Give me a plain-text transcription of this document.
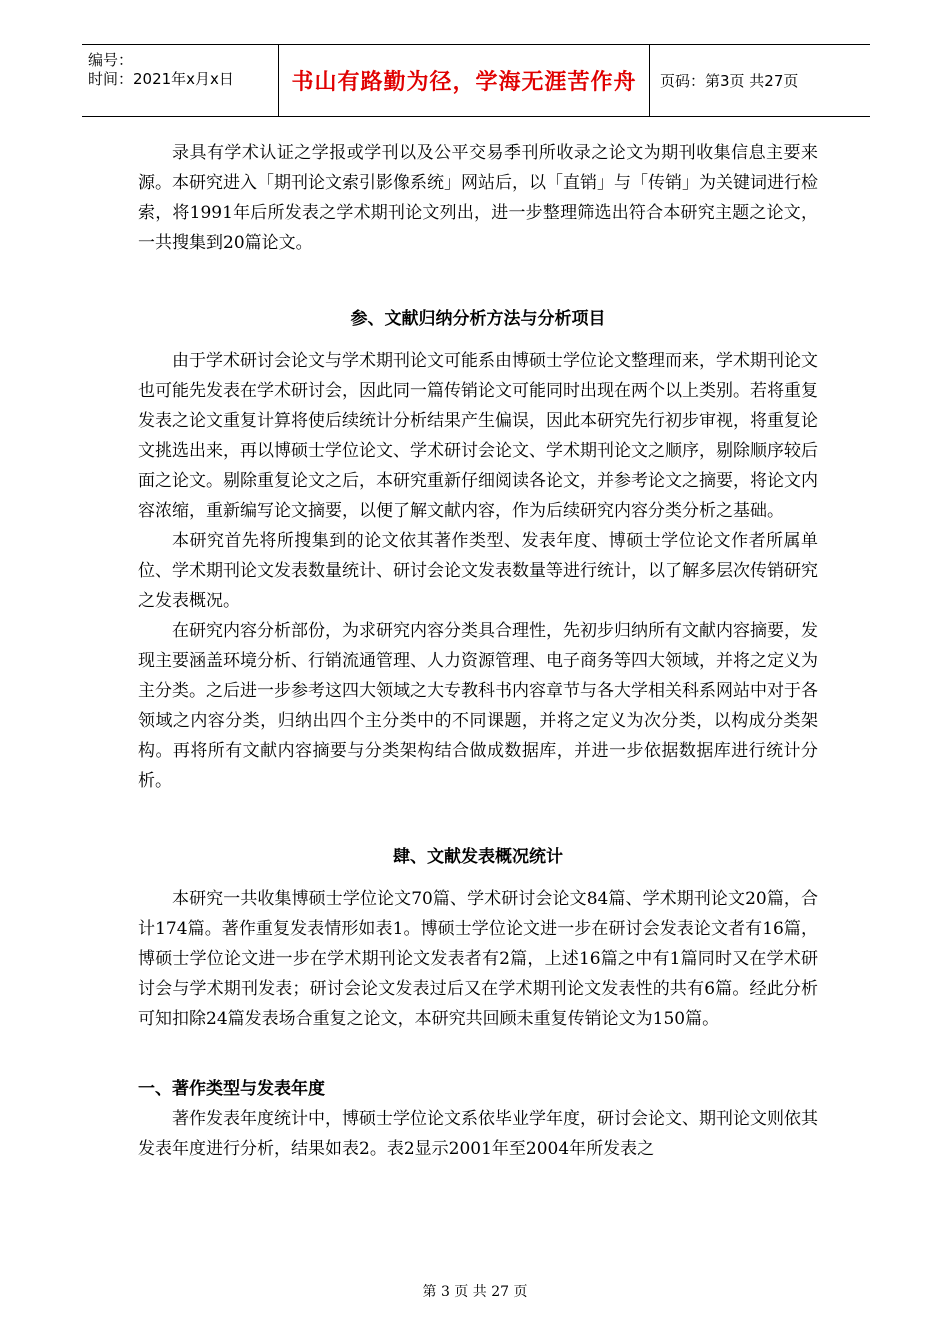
编号：
时间：2021年x月x日	书山有路勤为径，学海无涯苦作舟	页码：第3页 共27页

录具有学术认证之学报或学刊以及公平交易季刊所收录之论文为期刊收集信息主要来源。本研究进入「期刊论文索引影像系统」网站后，以「直销」与「传销」为关键词进行检索，将1991年后所发表之学术期刊论文列出，进一步整理筛选出符合本研究主题之论文，一共搜集到20篇论文。

参、文献归纳分析方法与分析项目

由于学术研讨会论文与学术期刊论文可能系由博硕士学位论文整理而来，学术期刊论文也可能先发表在学术研讨会，因此同一篇传销论文可能同时出现在两个以上类别。若将重复发表之论文重复计算将使后续统计分析结果产生偏误，因此本研究先行初步审视，将重复论文挑选出来，再以博硕士学位论文、学术研讨会论文、学术期刊论文之顺序，剔除顺序较后面之论文。剔除重复论文之后，本研究重新仔细阅读各论文，并参考论文之摘要，将论文内容浓缩，重新编写论文摘要，以便了解文献内容，作为后续研究内容分类分析之基础。

本研究首先将所搜集到的论文依其著作类型、发表年度、博硕士学位论文作者所属单位、学术期刊论文发表数量统计、研讨会论文发表数量等进行统计，以了解多层次传销研究之发表概况。

在研究内容分析部份，为求研究内容分类具合理性，先初步归纳所有文献内容摘要，发现主要涵盖环境分析、行销流通管理、人力资源管理、电子商务等四大领域，并将之定义为主分类。之后进一步参考这四大领域之大专教科书内容章节与各大学相关科系网站中对于各领域之内容分类，归纳出四个主分类中的不同课题，并将之定义为次分类，以构成分类架构。再将所有文献内容摘要与分类架构结合做成数据库，并进一步依据数据库进行统计分析。

肆、文献发表概况统计

本研究一共收集博硕士学位论文70篇、学术研讨会论文84篇、学术期刊论文20篇，合计174篇。著作重复发表情形如表1。博硕士学位论文进一步在研讨会发表论文者有16篇，博硕士学位论文进一步在学术期刊论文发表者有2篇，上述16篇之中有1篇同时又在学术研讨会与学术期刊发表；研讨会论文发表过后又在学术期刊论文发表性的共有6篇。经此分析可知扣除24篇发表场合重复之论文，本研究共回顾未重复传销论文为150篇。

一、著作类型与发表年度

著作发表年度统计中，博硕士学位论文系依毕业学年度，研讨会论文、期刊论文则依其发表年度进行分析，结果如表2。表2显示2001年至2004年所发表之

第 3 页 共 27 页
